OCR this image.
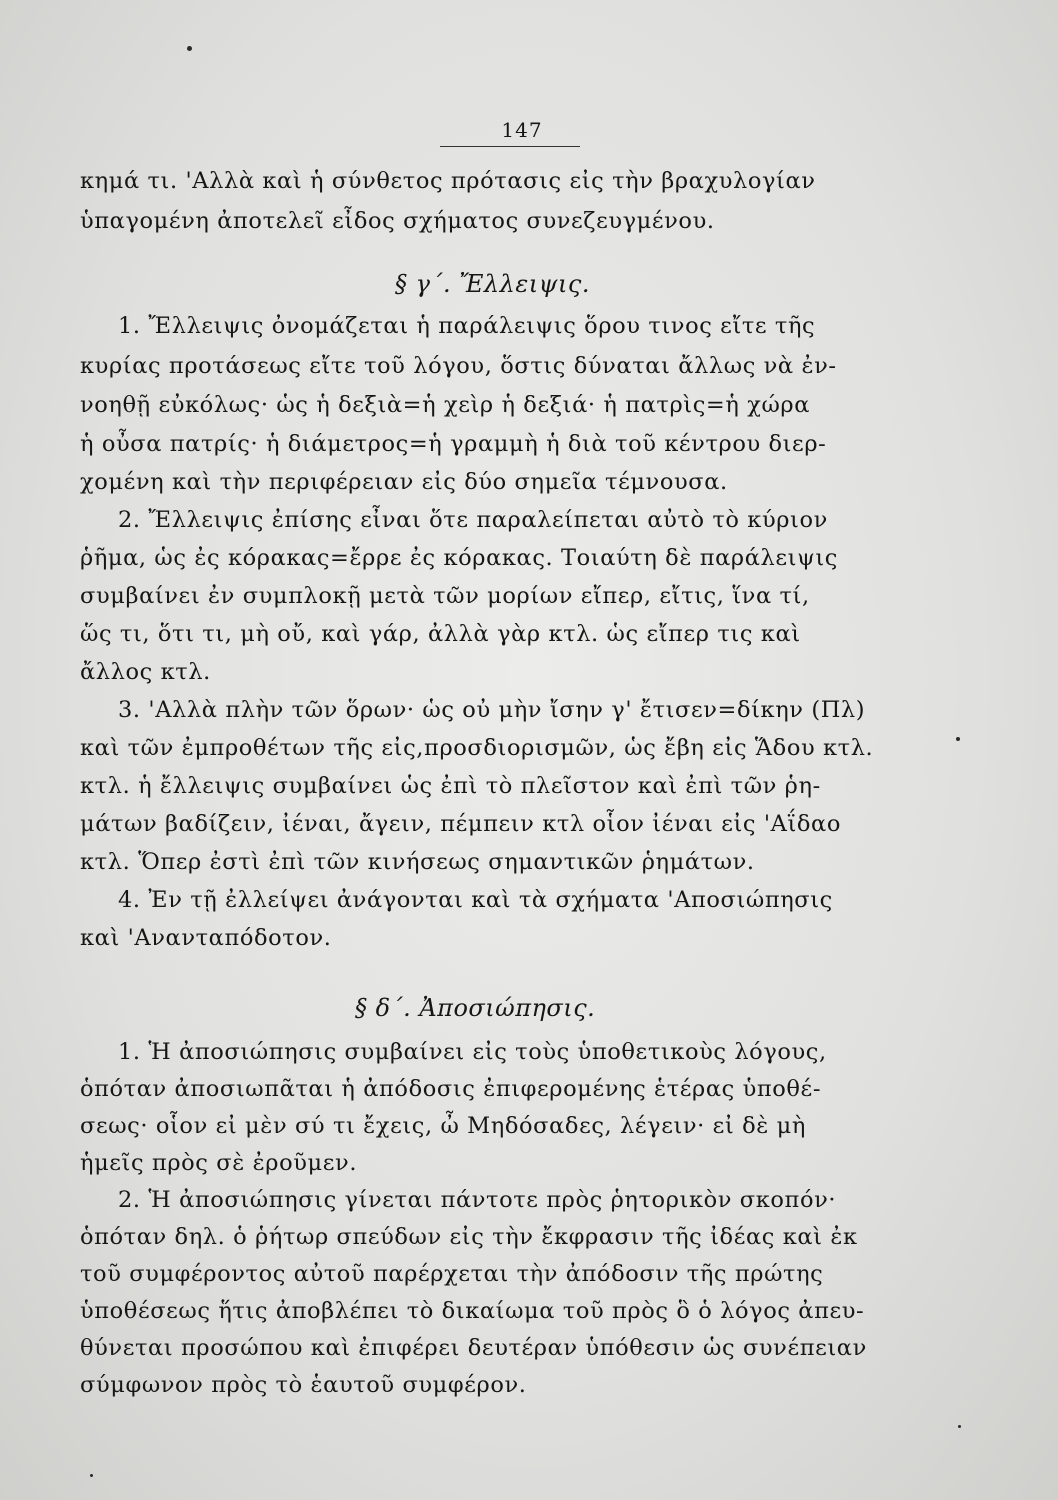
147
κημά τι. 'Αλλὰ καὶ ἡ σύνθετος πρότασις εἰς τὴν βραχυλογίαν
ὑπαγομένη ἀποτελεῖ εἶδος σχήματος συνεζευγμένου.
§ γ΄. Ἔλλειψις.
1. Ἔλλειψις ὀνομάζεται ἡ παράλειψις ὅρου τινος εἴτε τῆς
κυρίας προτάσεως εἴτε τοῦ λόγου, ὅστις δύναται ἄλλως νὰ ἐν-
νοηθῇ εὐκόλως· ὡς ἡ δεξιὰ=ἡ χεὶρ ἡ δεξιά· ἡ πατρὶς=ἡ χώρα
ἡ οὖσα πατρίς· ἡ διάμετρος=ἡ γραμμὴ ἡ διὰ τοῦ κέντρου διερ-
χομένη καὶ τὴν περιφέρειαν εἰς δύο σημεῖα τέμνουσα.
2. Ἔλλειψις ἐπίσης εἶναι ὅτε παραλείπεται αὐτὸ τὸ κύριον
ῥῆμα, ὡς ἐς κόρακας=ἔρρε ἐς κόρακας. Τοιαύτη δὲ παράλειψις
συμβαίνει ἐν συμπλοκῇ μετὰ τῶν μορίων εἴπερ, εἴτις, ἵνα τί,
ὥς τι, ὅτι τι, μὴ οὔ, καὶ γάρ, ἀλλὰ γὰρ κτλ. ὡς εἴπερ τις καὶ
ἄλλος κτλ.
3. 'Αλλὰ πλὴν τῶν ὅρων· ὡς οὐ μὴν ἴσην γ' ἔτισεν=δίκην (Πλ)
καὶ τῶν ἐμπροθέτων τῆς εἰς,προσδιορισμῶν, ὡς ἔβη εἰς Ἅδου κτλ.
κτλ. ἡ ἔλλειψις συμβαίνει ὡς ἐπὶ τὸ πλεῖστον καὶ ἐπὶ τῶν ῥη-
μάτων βαδίζειν, ἰέναι, ἄγειν, πέμπειν κτλ οἷον ἰέναι εἰς 'Αΐδαο
κτλ. Ὅπερ ἐστὶ ἐπὶ τῶν κινήσεως σημαντικῶν ῥημάτων.
4. Ἐν τῇ ἐλλείψει ἀνάγονται καὶ τὰ σχήματα 'Αποσιώπησις
καὶ 'Ανανταπόδοτον.
§ δ΄. Ἀποσιώπησις.
1. Ἡ ἀποσιώπησις συμβαίνει εἰς τοὺς ὑποθετικοὺς λόγους,
ὁπόταν ἀποσιωπᾶται ἡ ἀπόδοσις ἐπιφερομένης ἑτέρας ὑποθέ-
σεως· οἷον εἰ μὲν σύ τι ἔχεις, ὦ Μηδόσαδες, λέγειν· εἰ δὲ μὴ
ἡμεῖς πρὸς σὲ ἐροῦμεν.
2. Ἡ ἀποσιώπησις γίνεται πάντοτε πρὸς ῥητορικὸν σκοπόν·
ὁπόταν δηλ. ὁ ῥήτωρ σπεύδων εἰς τὴν ἔκφρασιν τῆς ἰδέας καὶ ἐκ
τοῦ συμφέροντος αὐτοῦ παρέρχεται τὴν ἀπόδοσιν τῆς πρώτης
ὑποθέσεως ἥτις ἀποβλέπει τὸ δικαίωμα τοῦ πρὸς ὃ ὁ λόγος ἀπευ-
θύνεται προσώπου καὶ ἐπιφέρει δευτέραν ὑπόθεσιν ὡς συνέπειαν
σύμφωνον πρὸς τὸ ἑαυτοῦ συμφέρον.
